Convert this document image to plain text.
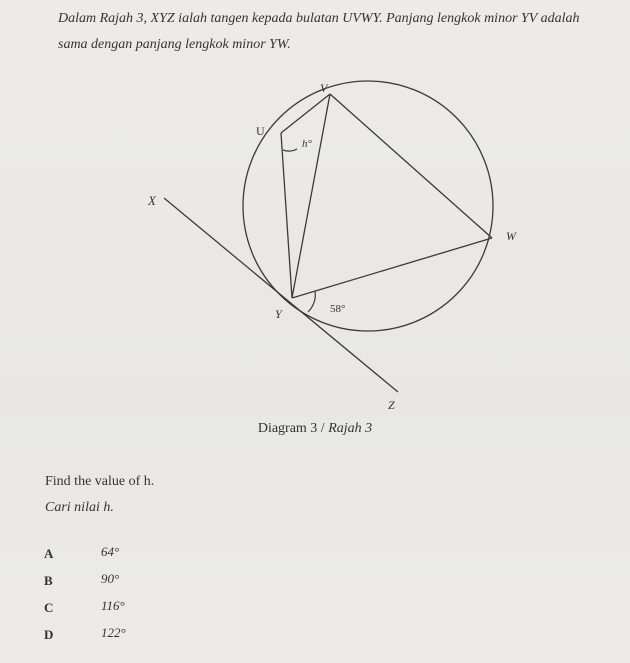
Dalam Rajah 3, XYZ ialah tangen kepada bulatan UVWY. Panjang lengkok minor YV adalah
sama dengan panjang lengkok minor YW.
V
U
X
W
Y
Z
h°
58°
Diagram 3 / Rajah 3
Find the value of h.
Cari nilai h.
A	64°
B	90°
C	116°
D	122°
